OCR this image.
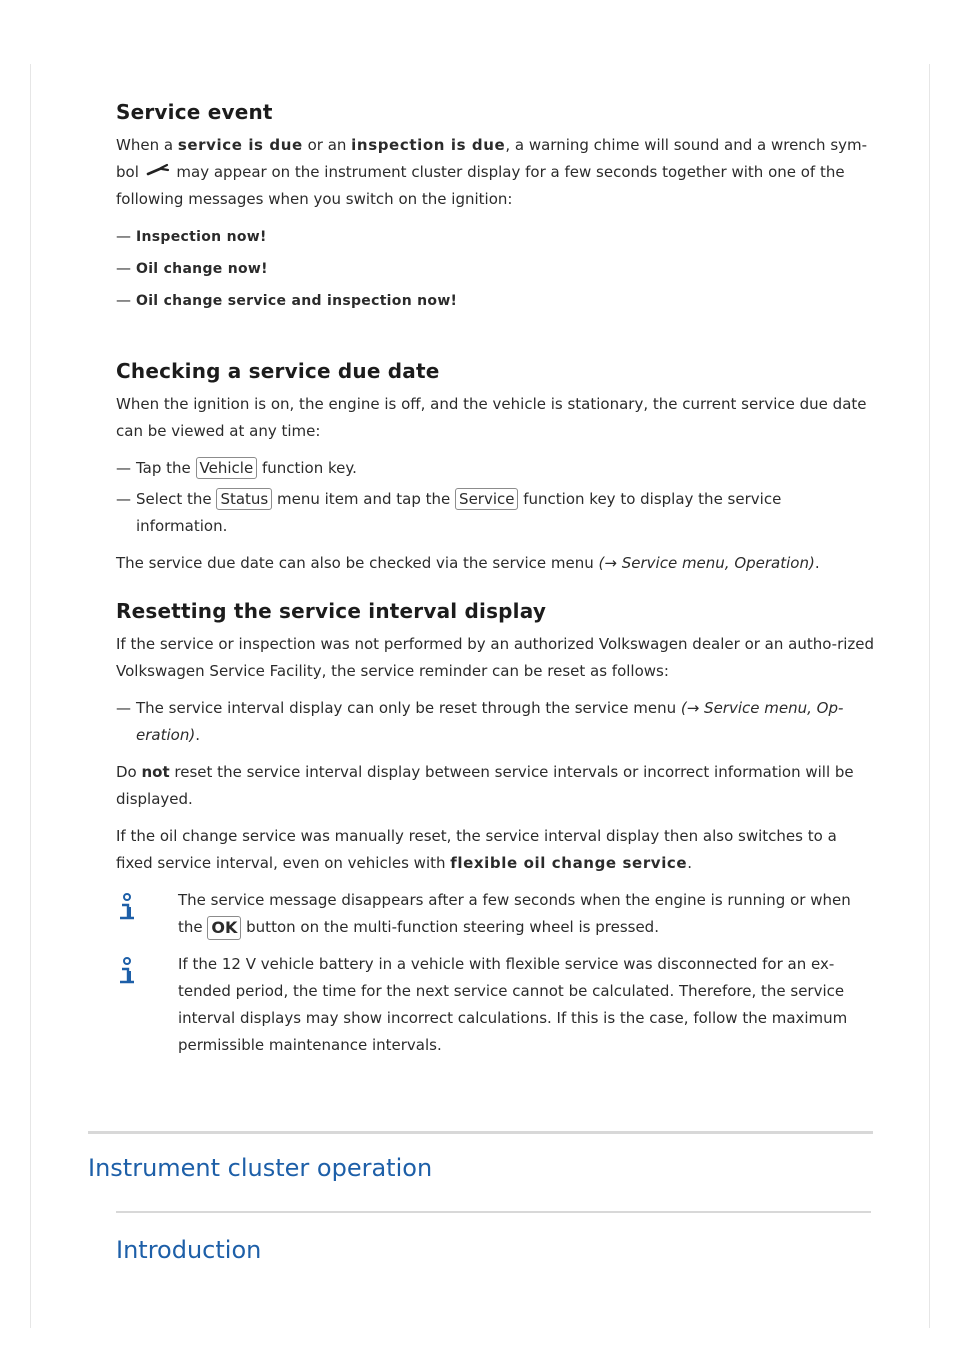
Service event

When a service is due or an inspection is due, a warning chime will sound and a wrench sym- bol  may appear on the instrument cluster display for a few seconds together with one of the following messages when you switch on the ignition:

— Inspection now!
— Oil change now!
— Oil change service and inspection now!
Checking a service due date

When the ignition is on, the engine is off, and the vehicle is stationary, the current service due date can be viewed at any time:

— Tap the Vehicle function key.
— Select the Status menu item and tap the Service function key to display the service information.

The service due date can also be checked via the service menu (→ Service menu, Operation).

Resetting the service interval display

If the service or inspection was not performed by an authorized Volkswagen dealer or an autho-rized Volkswagen Service Facility, the service reminder can be reset as follows:

— The service interval display can only be reset through the service menu (→ Service menu, Op-eration).

Do not reset the service interval display between service intervals or incorrect information will be displayed.

If the oil change service was manually reset, the service interval display then also switches to a fixed service interval, even on vehicles with flexible oil change service.

The service message disappears after a few seconds when the engine is running or when the OK button on the multi-function steering wheel is pressed.

If the 12 V vehicle battery in a vehicle with flexible service was disconnected for an ex-tended period, the time for the next service cannot be calculated. Therefore, the service interval displays may show incorrect calculations. If this is the case, follow the maximum permissible maintenance intervals.

Instrument cluster operation
Introduction
